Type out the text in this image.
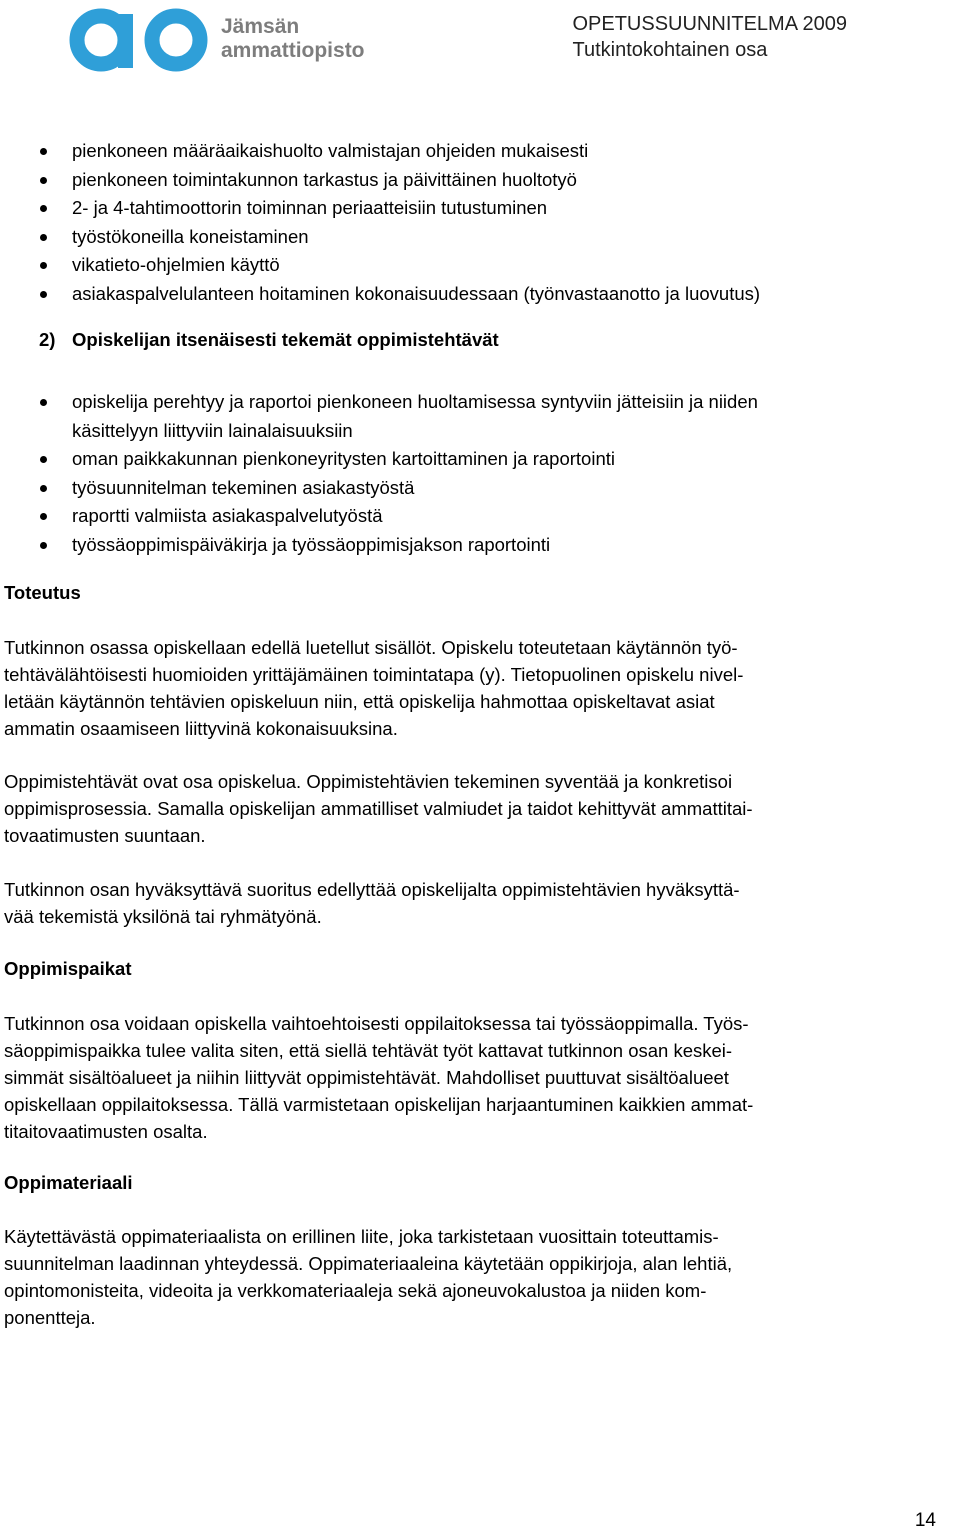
Jämsän
ammattiopisto
OPETUSSUUNNITELMA 2009
Tutkintokohtainen osa
pienkoneen määräaikaishuolto valmistajan ohjeiden mukaisesti
pienkoneen toimintakunnon tarkastus ja päivittäinen huoltotyö
2- ja 4-tahtimoottorin toiminnan periaatteisiin tutustuminen
työstökoneilla koneistaminen
vikatieto-ohjelmien käyttö
asiakaspalvelulanteen hoitaminen kokonaisuudessaan (työnvastaanotto ja luovutus)
2) Opiskelijan itsenäisesti tekemät oppimistehtävät
opiskelija perehtyy ja raportoi pienkoneen huoltamisessa syntyviin jätteisiin ja niiden
käsittelyyn liittyviin lainalaisuuksiin
oman paikkakunnan pienkoneyritysten kartoittaminen ja raportointi
työsuunnitelman tekeminen asiakastyöstä
raportti valmiista asiakaspalvelutyöstä
työssäoppimispäiväkirja ja työssäoppimisjakson raportointi
Toteutus

Tutkinnon osassa opiskellaan edellä luetellut sisällöt. Opiskelu toteutetaan käytännön työ-
tehtävälähtöisesti huomioiden yrittäjämäinen toimintatapa (y). Tietopuolinen opiskelu nivel-
letään käytännön tehtävien opiskeluun niin, että opiskelija hahmottaa opiskeltavat asiat
ammatin osaamiseen liittyvinä kokonaisuuksina.

Oppimistehtävät ovat osa opiskelua. Oppimistehtävien tekeminen syventää ja konkretisoi
oppimisprosessia. Samalla opiskelijan ammatilliset valmiudet ja taidot kehittyvät ammattitai-
tovaatimusten suuntaan.

Tutkinnon osan hyväksyttävä suoritus edellyttää opiskelijalta oppimistehtävien hyväksyttä-
vää tekemistä yksilönä tai ryhmätyönä.

Oppimispaikat

Tutkinnon osa voidaan opiskella vaihtoehtoisesti oppilaitoksessa tai työssäoppimalla. Työs-
säoppimispaikka tulee valita siten, että siellä tehtävät työt kattavat tutkinnon osan keskei-
simmät sisältöalueet ja niihin liittyvät oppimistehtävät. Mahdolliset puuttuvat sisältöalueet
opiskellaan oppilaitoksessa. Tällä varmistetaan opiskelijan harjaantuminen kaikkien ammat-
titaitovaatimusten osalta.

Oppimateriaali

Käytettävästä oppimateriaalista on erillinen liite, joka tarkistetaan vuosittain toteuttamis-
suunnitelman laadinnan yhteydessä. Oppimateriaaleina käytetään oppikirjoja, alan lehtiä,
opintomonisteita, videoita ja verkkomateriaaleja sekä ajoneuvokalustoa ja niiden kom-
ponentteja.

14
